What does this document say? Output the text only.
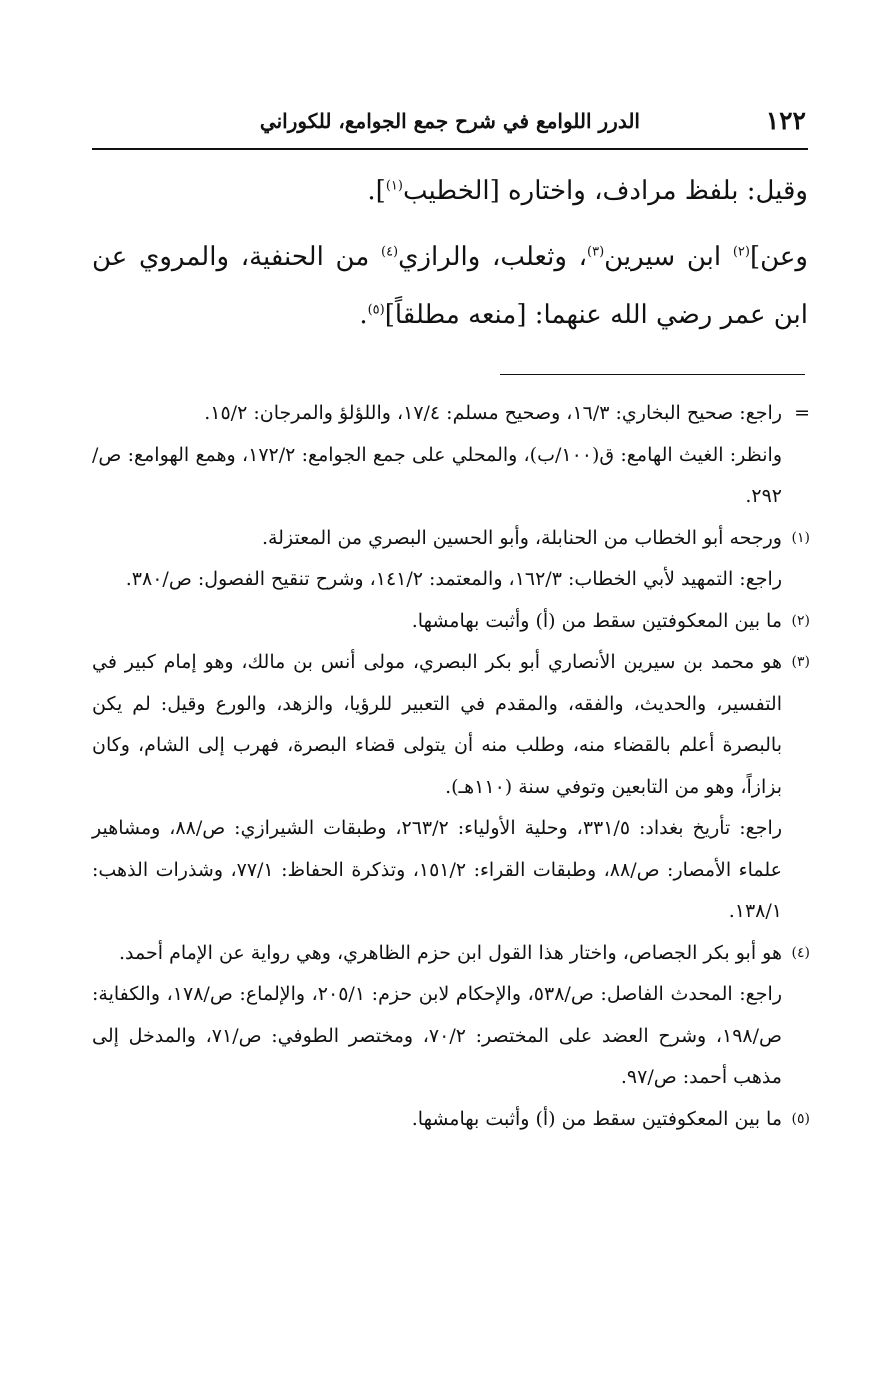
١٢٢
الدرر اللوامع في شرح جمع الجوامع، للكوراني

وقيل: بلفظ مرادف، واختاره [الخطيب$^{(١)}$].

وعن]$^{(٢)}$ ابن سيرين$^{(٣)}$، وثعلب، والرازي$^{(٤)}$ من الحنفية، والمروي عن ابن عمر رضي الله عنهما: [منعه مطلقاً]$^{(٥)}$.

=
راجع: صحيح البخاري: ١٦/٣، وصحيح مسلم: ١٧/٤، واللؤلؤ والمرجان: ١٥/٢.
وانظر: الغيث الهامع: ق(١٠٠/ب)، والمحلي على جمع الجوامع: ١٧٢/٢، وهمع الهوامع: ص/٢٩٢.
(١)
ورجحه أبو الخطاب من الحنابلة، وأبو الحسين البصري من المعتزلة.
راجع: التمهيد لأبي الخطاب: ١٦٢/٣، والمعتمد: ١٤١/٢، وشرح تنقيح الفصول: ص/٣٨٠.
(٢)
ما بين المعكوفتين سقط من (أ) وأثبت بهامشها.
(٣)
هو محمد بن سيرين الأنصاري أبو بكر البصري، مولى أنس بن مالك، وهو إمام كبير في التفسير، والحديث، والفقه، والمقدم في التعبير للرؤيا، والزهد، والورع وقيل: لم يكن بالبصرة أعلم بالقضاء منه، وطلب منه أن يتولى قضاء البصرة، فهرب إلى الشام، وكان بزازاً، وهو من التابعين وتوفي سنة (١١٠هـ).
راجع: تأريخ بغداد: ٣٣١/٥، وحلية الأولياء: ٢٦٣/٢، وطبقات الشيرازي: ص/٨٨، ومشاهير علماء الأمصار: ص/٨٨، وطبقات القراء: ١٥١/٢، وتذكرة الحفاظ: ٧٧/١، وشذرات الذهب: ١٣٨/١.
(٤)
هو أبو بكر الجصاص، واختار هذا القول ابن حزم الظاهري، وهي رواية عن الإمام أحمد.
راجع: المحدث الفاصل: ص/٥٣٨، والإحكام لابن حزم: ٢٠٥/١، والإلماع: ص/١٧٨، والكفاية: ص/١٩٨، وشرح العضد على المختصر: ٧٠/٢، ومختصر الطوفي: ص/٧١، والمدخل إلى مذهب أحمد: ص/٩٧.
(٥)
ما بين المعكوفتين سقط من (أ) وأثبت بهامشها.
